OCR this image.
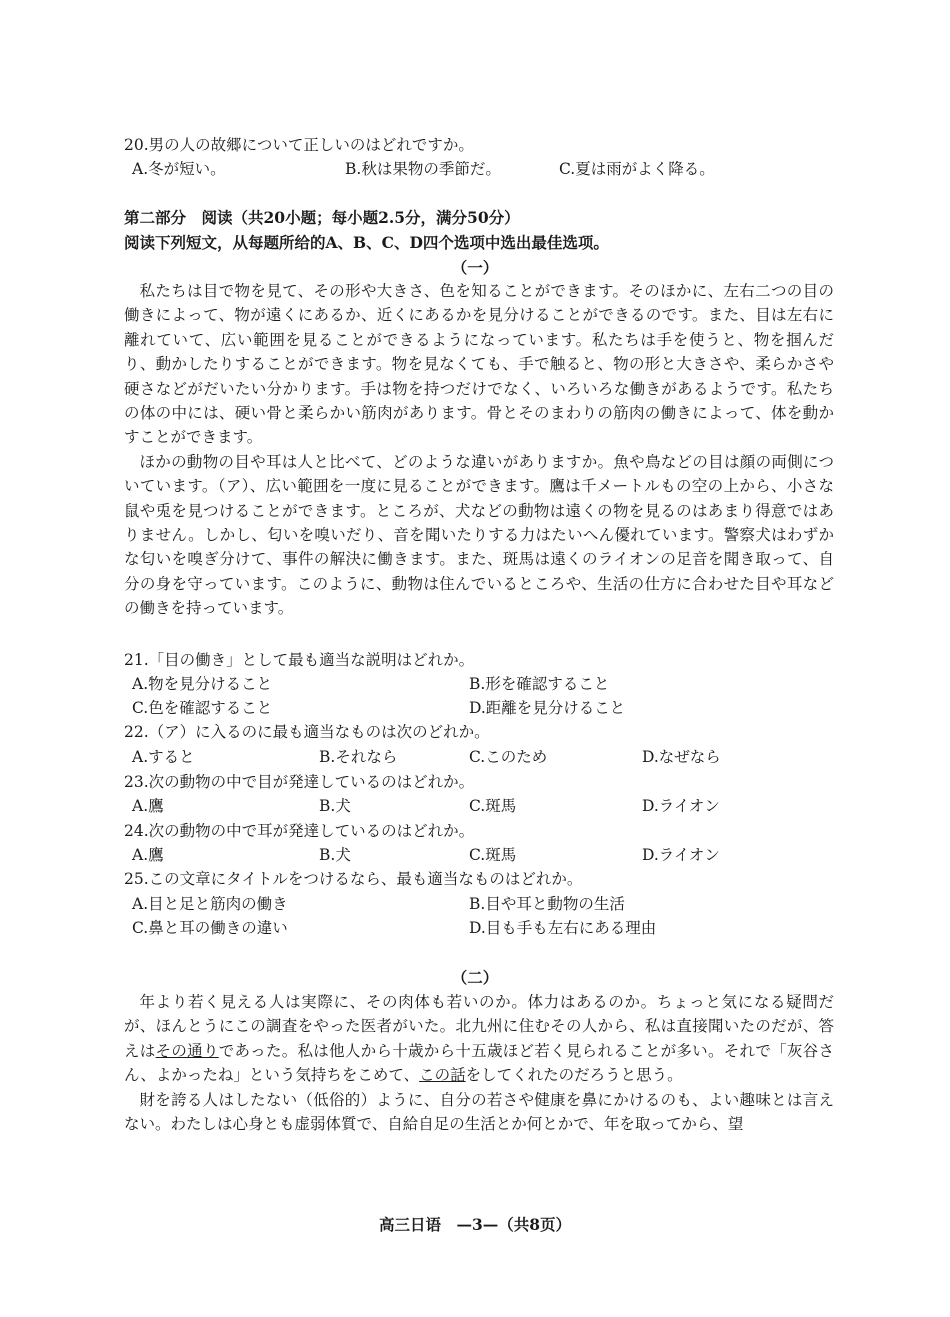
20.男の人の故郷について正しいのはどれですか。
A.冬が短い。	B.秋は果物の季節だ。	C.夏は雨がよく降る。
第二部分　阅读（共20小题；每小题2.5分，满分50分）
阅读下列短文，从每题所给的A、B、C、D四个选项中选出最佳选项。
（一）

私たちは目で物を見て、その形や大きさ、色を知ることができます。そのほかに、左右二つの目の働きによって、物が遠くにあるか、近くにあるかを見分けることができるのです。また、目は左右に離れていて、広い範囲を見ることができるようになっています。私たちは手を使うと、物を掴んだり、動かしたりすることができます。物を見なくても、手で触ると、物の形と大きさや、柔らかさや硬さなどがだいたい分かります。手は物を持つだけでなく、いろいろな働きがあるようです。私たちの体の中には、硬い骨と柔らかい筋肉があります。骨とそのまわりの筋肉の働きによって、体を動かすことができます。

ほかの動物の目や耳は人と比べて、どのような違いがありますか。魚や鳥などの目は顔の両側についています。（ア）、広い範囲を一度に見ることができます。鷹は千メートルもの空の上から、小さな鼠や兎を見つけることができます。ところが、犬などの動物は遠くの物を見るのはあまり得意ではありません。しかし、匂いを嗅いだり、音を聞いたりする力はたいへん優れています。警察犬はわずかな匂いを嗅ぎ分けて、事件の解決に働きます。また、斑馬は遠くのライオンの足音を聞き取って、自分の身を守っています。このように、動物は住んでいるところや、生活の仕方に合わせた目や耳などの働きを持っています。

21.「目の働き」として最も適当な説明はどれか。
A.物を見分けること	B.形を確認すること
C.色を確認すること	D.距離を見分けること
22.（ア）に入るのに最も適当なものは次のどれか。
A.すると	B.それなら	C.このため	D.なぜなら
23.次の動物の中で目が発達しているのはどれか。
A.鷹	B.犬	C.斑馬	D.ライオン
24.次の動物の中で耳が発達しているのはどれか。
A.鷹	B.犬	C.斑馬	D.ライオン
25.この文章にタイトルをつけるなら、最も適当なものはどれか。
A.目と足と筋肉の働き	B.目や耳と動物の生活
C.鼻と耳の働きの違い	D.目も手も左右にある理由
（二）

年より若く見える人は実際に、その肉体も若いのか。体力はあるのか。ちょっと気になる疑問だが、ほんとうにこの調査をやった医者がいた。北九州に住むその人から、私は直接聞いたのだが、答えはその通りであった。私は他人から十歳から十五歳ほど若く見られることが多い。それで「灰谷さん、よかったね」という気持ちをこめて、この話をしてくれたのだろうと思う。

財を誇る人はしたない（低俗的）ように、自分の若さや健康を鼻にかけるのも、よい趣味とは言えない。わたしは心身とも虚弱体質で、自給自足の生活とか何とかで、年を取ってから、望

高三日语　—3—（共8页）
